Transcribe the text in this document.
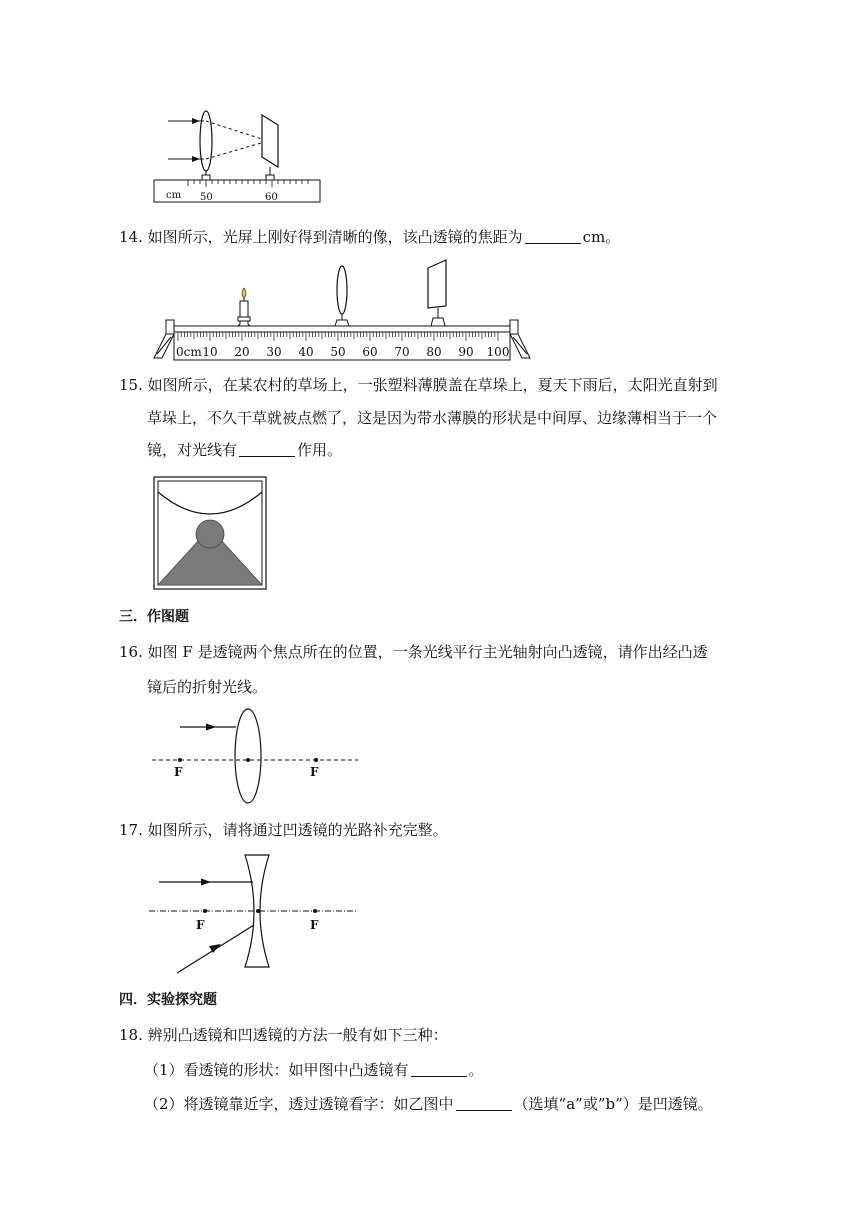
cm 50	60
14. 如图所示，光屏上刚好得到清晰的像，该凸透镜的焦距为	cm。
0cm 10 20 30 40 50 60 70 80 90 100
15. 如图所示，在某农村的草场上，一张塑料薄膜盖在草垛上，夏天下雨后，太阳光直射到
草垛上，不久干草就被点燃了，这是因为带水薄膜的形状是中间厚、边缘薄相当于一个
镜，对光线有	作用。
三．作图题
16. 如图 F 是透镜两个焦点所在的位置，一条光线平行主光轴射向凸透镜，请作出经凸透
镜后的折射光线。
F	F
17. 如图所示，请将通过凹透镜的光路补充完整。
F	F
四．实验探究题
18. 辨别凸透镜和凹透镜的方法一般有如下三种：
（1）看透镜的形状：如甲图中凸透镜有	。
（2）将透镜靠近字，透过透镜看字：如乙图中	（选填“a”或”b”）是凹透镜。
